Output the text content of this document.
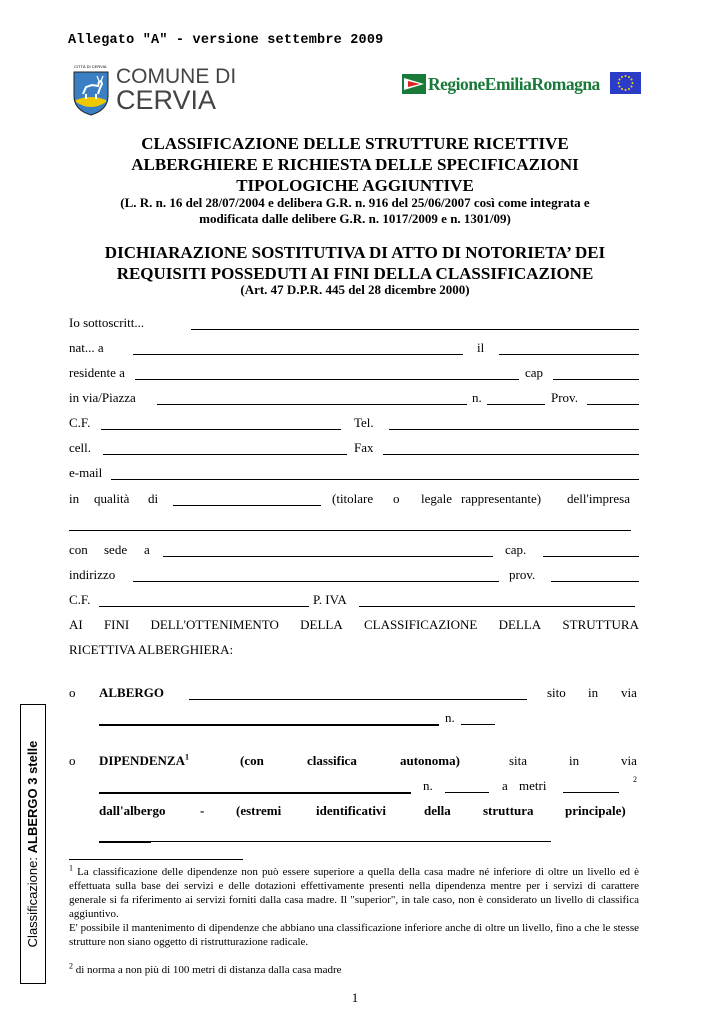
Allegato "A" - versione settembre 2009
CITTÀ DI CERVIA COMUNE DI
CERVIA
RegioneEmiliaRomagna
CLASSIFICAZIONE DELLE STRUTTURE RICETTIVE
ALBERGHIERE E RICHIESTA DELLE SPECIFICAZIONI
TIPOLOGICHE AGGIUNTIVE
(L. R. n. 16 del 28/07/2004 e delibera G.R. n. 916 del 25/06/2007 così come integrata e
modificata dalle delibere G.R. n. 1017/2009 e n. 1301/09)
DICHIARAZIONE SOSTITUTIVA DI ATTO DI NOTORIETA’ DEI
REQUISITI POSSEDUTI AI FINI DELLA CLASSIFICAZIONE
(Art. 47 D.P.R. 445 del 28 dicembre 2000)
Io sottoscritt...
nat... a	il
residente a	cap
in via/Piazza	n.	Prov.
C.F.	Tel.
cell.	Fax
e-mail
in qualità di	(titolare o legale rappresentante) dell'impresa
con sede a	cap.
indirizzo	prov.
C.F.	P. IVA
AI FINI DELL'OTTENIMENTO DELLA CLASSIFICAZIONE DELLA STRUTTURA
RICETTIVA ALBERGHIERA:
o ALBERGO	sito in via
n.
o DIPENDENZA$^1$	(con	classifica	autonoma)	sita	in	via
n.	a metri	2
dall'albergo	- (estremi	identificativi	della struttura principale)
$^1$ La classificazione delle dipendenze non può essere superiore a quella della casa madre né inferiore di oltre un livello ed è effettuata sulla base dei servizi e delle dotazioni effettivamente presenti nella dipendenza mentre per i servizi di carattere generale si fa riferimento ai servizi forniti dalla casa madre. Il "superior", in tale caso, non è considerato un livello di classifica aggiuntivo.
E' possibile il mantenimento di dipendenze che abbiano una classificazione inferiore anche di oltre un livello, fino a che le stesse strutture non siano oggetto di ristrutturazione radicale.
$^2$ di norma a non più di 100 metri di distanza dalla casa madre
Classificazione: ALBERGO 3 stelle
1
